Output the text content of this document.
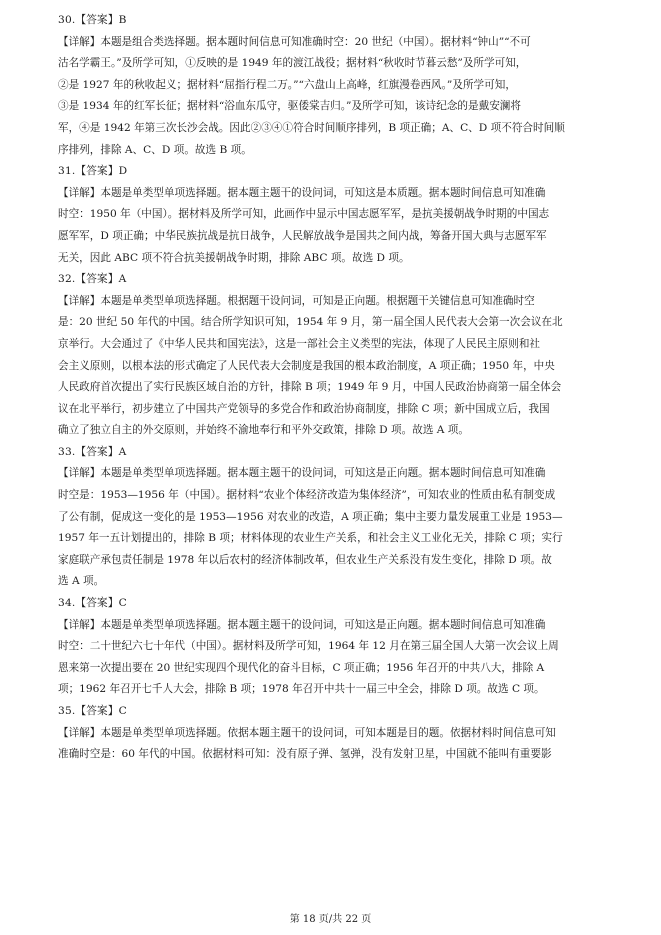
30.【答案】B
【详解】本题是组合类选择题。据本题时间信息可知准确时空：20 世纪（中国）。据材料“钟山”“不可
沽名学霸王。”及所学可知，①反映的是 1949 年的渡江战役；据材料“秋收时节暮云愁”及所学可知，
②是 1927 年的秋收起义；据材料“屈指行程二万。”“六盘山上高峰，红旗漫卷西风。”及所学可知，
③是 1934 年的红军长征；据材料“浴血东瓜守，驱倭棠吉归。”及所学可知，该诗纪念的是戴安澜将
军，④是 1942 年第三次长沙会战。因此②③④①符合时间顺序排列，B 项正确；A、C、D 项不符合时间顺
序排列，排除 A、C、D 项。故选 B 项。
31.【答案】D
【详解】本题是单类型单项选择题。据本题主题干的设问词，可知这是本质题。据本题时间信息可知准确
时空：1950 年（中国）。据材料及所学可知，此画作中显示中国志愿军军，是抗美援朝战争时期的中国志
愿军军，D 项正确；中华民族抗战是抗日战争，人民解放战争是国共之间内战，筹备开国大典与志愿军军
无关，因此 ABC 项不符合抗美援朝战争时期，排除 ABC 项。故选 D 项。
32.【答案】A
【详解】本题是单类型单项选择题。根据题干设问词，可知是正向题。根据题干关键信息可知准确时空
是：20 世纪 50 年代的中国。结合所学知识可知，1954 年 9 月，第一届全国人民代表大会第一次会议在北
京举行。大会通过了《中华人民共和国宪法》，这是一部社会主义类型的宪法，体现了人民民主原则和社
会主义原则，以根本法的形式确定了人民代表大会制度是我国的根本政治制度，A 项正确；1950 年，中央
人民政府首次提出了实行民族区域自治的方针，排除 B 项；1949 年 9 月，中国人民政治协商第一届全体会
议在北平举行，初步建立了中国共产党领导的多党合作和政治协商制度，排除 C 项；新中国成立后，我国
确立了独立自主的外交原则，并始终不渝地奉行和平外交政策，排除 D 项。故选 A 项。
33.【答案】A
【详解】本题是单类型单项选择题。据本题主题干的设问词，可知这是正向题。据本题时间信息可知准确
时空是：1953—1956 年（中国）。据材料“农业个体经济改造为集体经济”，可知农业的性质由私有制变成
了公有制，促成这一变化的是 1953—1956 对农业的改造，A 项正确；集中主要力量发展重工业是 1953—
1957 年一五计划提出的，排除 B 项；材料体现的农业生产关系，和社会主义工业化无关，排除 C 项；实行
家庭联产承包责任制是 1978 年以后农村的经济体制改革，但农业生产关系没有发生变化，排除 D 项。故
选 A 项。
34.【答案】C
【详解】本题是单类型单项选择题。据本题主题干的设问词，可知这是正向题。据本题时间信息可知准确
时空：二十世纪六七十年代（中国）。据材料及所学可知，1964 年 12 月在第三届全国人大第一次会议上周
恩来第一次提出要在 20 世纪实现四个现代化的奋斗目标，C 项正确；1956 年召开的中共八大，排除 A
项；1962 年召开七千人大会，排除 B 项；1978 年召开中共十一届三中全会，排除 D 项。故选 C 项。
35.【答案】C
【详解】本题是单类型单项选择题。依据本题主题干的设问词，可知本题是目的题。依据材料时间信息可知
准确时空是：60 年代的中国。依据材料可知：没有原子弹、氢弹，没有发射卫星，中国就不能叫有重要影
第 18 页/共 22 页
